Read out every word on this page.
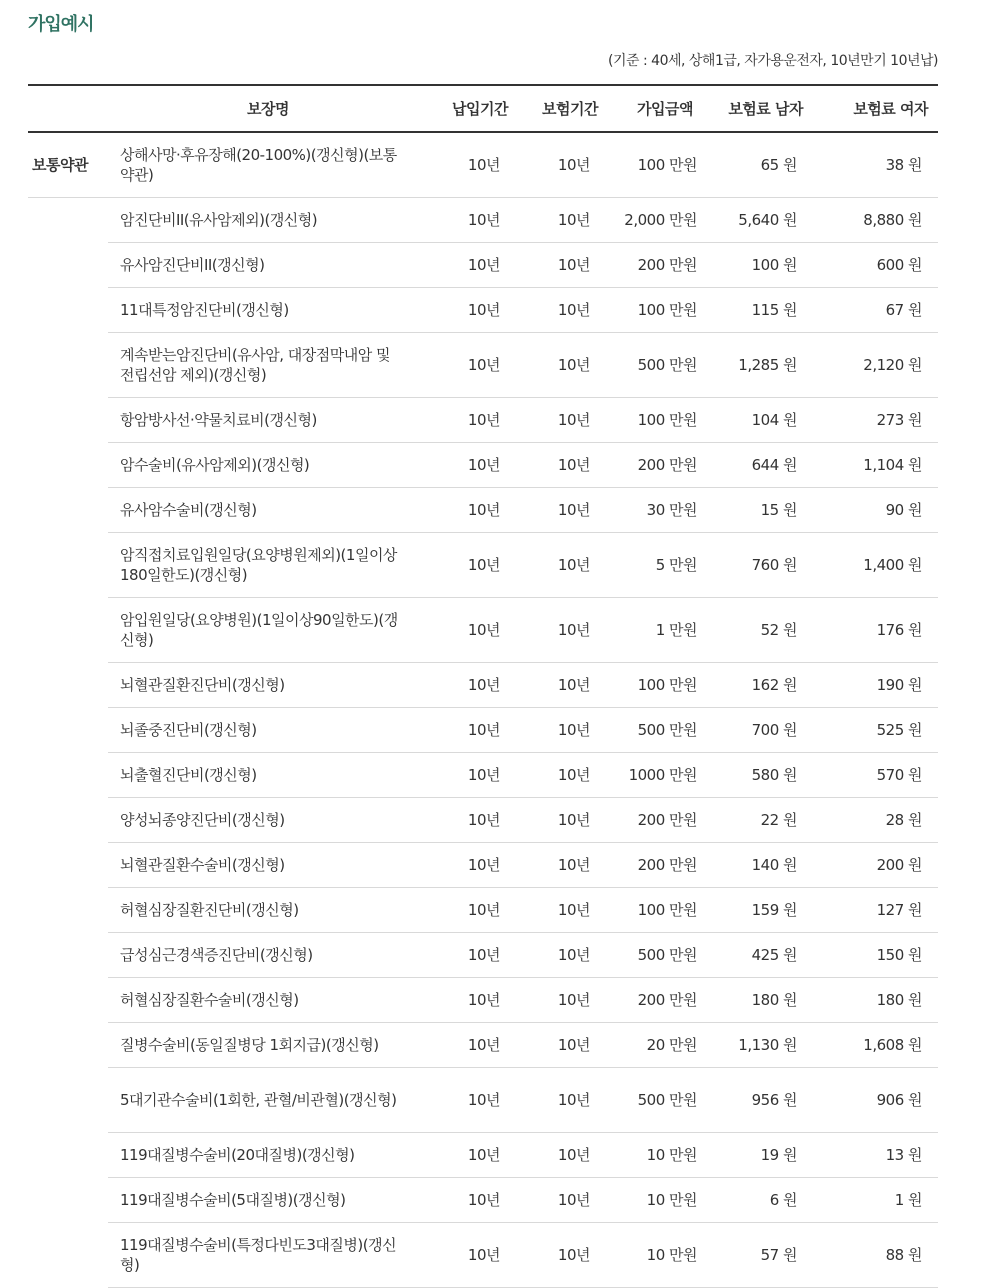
가입예시
(기준 : 40세, 상해1급, 자가용운전자, 10년만기 10년납)
	보장명	납입기간	보험기간	가입금액	보험료 남자	보험료 여자
보통약관	상해사망·후유장해(20-100%)(갱신형)(보통약관)	10년	10년	100 만원	65 원	38 원
	암진단비II(유사암제외)(갱신형)	10년	10년	2,000 만원	5,640 원	8,880 원
	유사암진단비II(갱신형)	10년	10년	200 만원	100 원	600 원
	11대특정암진단비(갱신형)	10년	10년	100 만원	115 원	67 원
	계속받는암진단비(유사암, 대장점막내암 및 전립선암 제외)(갱신형)	10년	10년	500 만원	1,285 원	2,120 원
	항암방사선·약물치료비(갱신형)	10년	10년	100 만원	104 원	273 원
	암수술비(유사암제외)(갱신형)	10년	10년	200 만원	644 원	1,104 원
	유사암수술비(갱신형)	10년	10년	30 만원	15 원	90 원
	암직접치료입원일당(요양병원제외)(1일이상180일한도)(갱신형)	10년	10년	5 만원	760 원	1,400 원
	암입원일당(요양병원)(1일이상90일한도)(갱신형)	10년	10년	1 만원	52 원	176 원
	뇌혈관질환진단비(갱신형)	10년	10년	100 만원	162 원	190 원
	뇌졸중진단비(갱신형)	10년	10년	500 만원	700 원	525 원
	뇌출혈진단비(갱신형)	10년	10년	1000 만원	580 원	570 원
	양성뇌종양진단비(갱신형)	10년	10년	200 만원	22 원	28 원
	뇌혈관질환수술비(갱신형)	10년	10년	200 만원	140 원	200 원
	허혈심장질환진단비(갱신형)	10년	10년	100 만원	159 원	127 원
	급성심근경색증진단비(갱신형)	10년	10년	500 만원	425 원	150 원
	허혈심장질환수술비(갱신형)	10년	10년	200 만원	180 원	180 원
	질병수술비(동일질병당 1회지급)(갱신형)	10년	10년	20 만원	1,130 원	1,608 원
	5대기관수술비(1회한, 관혈/비관혈)(갱신형)	10년	10년	500 만원	956 원	906 원
	119대질병수술비(20대질병)(갱신형)	10년	10년	10 만원	19 원	13 원
	119대질병수술비(5대질병)(갱신형)	10년	10년	10 만원	6 원	1 원
	119대질병수술비(특정다빈도3대질병)(갱신형)	10년	10년	10 만원	57 원	88 원
